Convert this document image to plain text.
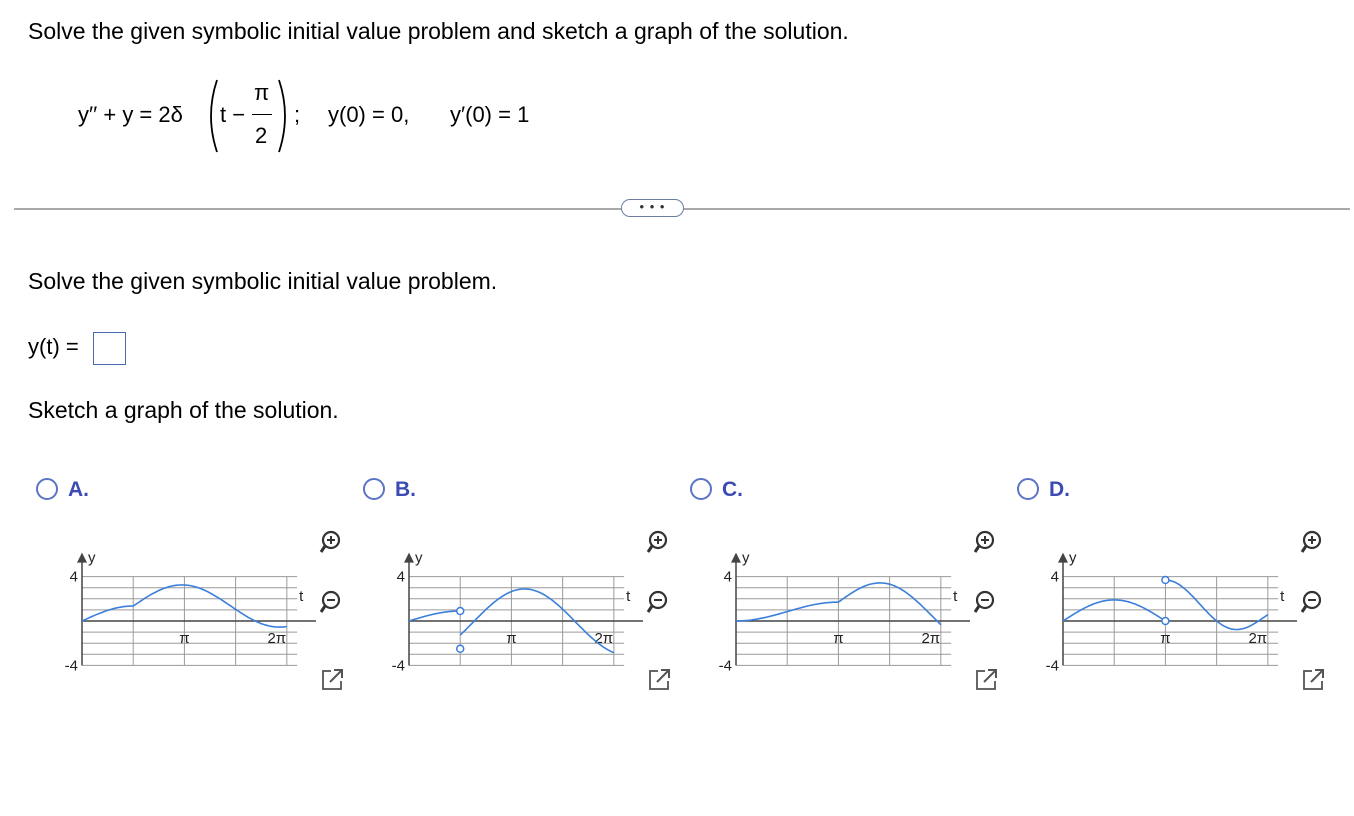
Solve the given symbolic initial value problem and sketch a graph of the solution.
y′′ + y = 2δ t −
π
2
; y(0) = 0, y′(0) = 1
• • •
Solve the given symbolic initial value problem.
y(t) =
Sketch a graph of the solution.
A.
y
t
4
-4
π	2π
B.
y
t
4
-4
π	2π
C.
y
t
4
-4
π	2π
D.
y
t
4
-4
π	2π
